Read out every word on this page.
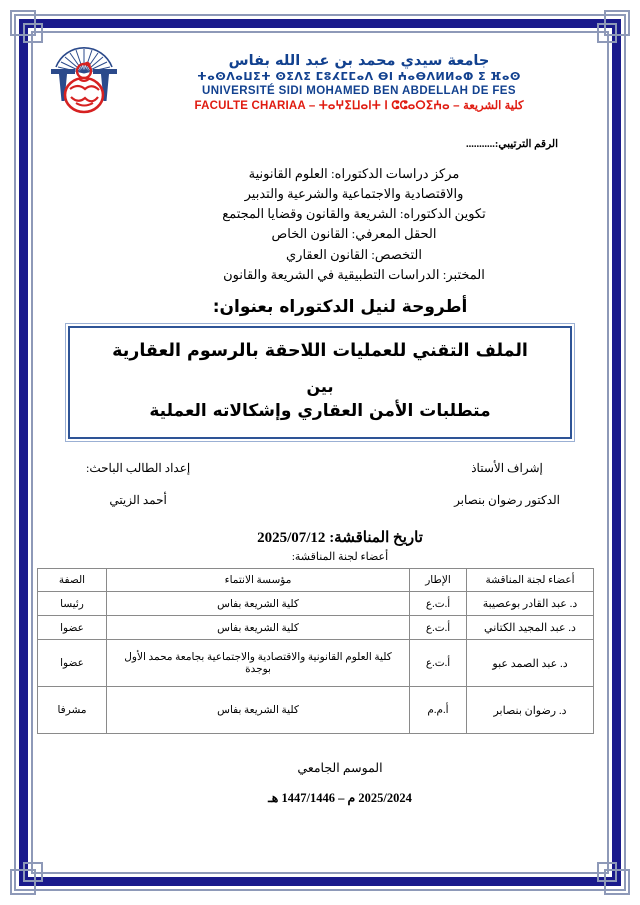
جامعة سيدي محمد بن عبد الله بفاس
ⵜⴰⵙⴷⴰⵡⵉⵜ ⵙⵉⴷⵉ ⵎⵓⵃⵎⵎⴰⴷ ⴱⵏ ⵄⴰⴱⴷⵍⵍⴰⵀ ⵉ ⴼⴰⵙ
UNIVERSITÉ SIDI MOHAMED BEN ABDELLAH DE FES
FACULTE CHARIAA – ⵜⴰⵖⵉⵡⴰⵏⵜ ⵏ ⵛⵛⴰⵔⵉⵄⴰ – كلية الشريعة
الرقم الترتيبي:...........
مركز دراسات الدكتوراه: العلوم القانونية
والاقتصادية والاجتماعية والشرعية والتدبير
تكوين الدكتوراه: الشريعة والقانون وقضايا المجتمع
الحقل المعرفي: القانون الخاص
التخصص: القانون العقاري
المختبر: الدراسات التطبيقية في الشريعة والقانون
أطروحة لنيل الدكتوراه بعنوان:
الملف التقني للعمليات اللاحقة بالرسوم العقارية
بين
متطلبات الأمن العقاري وإشكالاته العملية
إشراف الأستاذ
الدكتور رضوان بنصابر
إعداد الطالب الباحث:
أحمد الزيتي
تاريخ المناقشة: 2025/07/12
أعضاء لجنة المناقشة:
أعضاء لجنة المناقشة	الإطار	مؤسسة الانتماء	الصفة
د. عبد القادر بوعصيبة	أ.ت.ع	كلية الشريعة بفاس	رئيسا
د. عبد المجيد الكتاني	أ.ت.ع	كلية الشريعة بفاس	عضوا
د. عبد الصمد عبو	أ.ت.ع	كلية العلوم القانونية والاقتصادية والاجتماعية بجامعة محمد الأول بوجدة	عضوا
د. رضوان بنصابر	أ.م.م	كلية الشريعة بفاس	مشرفا
الموسم الجامعي
2025/2024 م – 1447/1446 هـ
